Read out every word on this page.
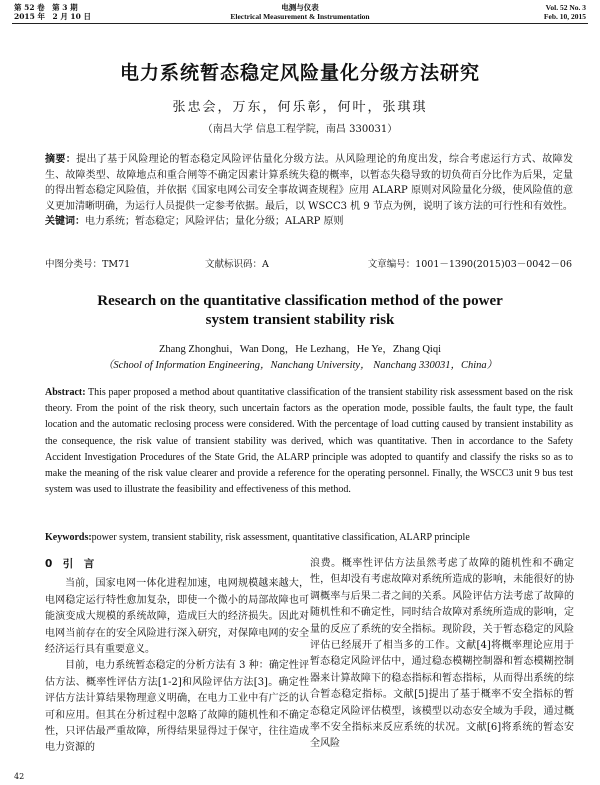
第 52 卷　第 3 期
2015 年　2 月 10 日
电测与仪表
Electrical Measurement & Instrumentation
Vol. 52 No. 3
Feb. 10, 2015
电力系统暂态稳定风险量化分级方法研究
张忠会，万东，何乐彰，何叶，张琪琪
（南昌大学 信息工程学院，南昌 330031）
摘要：提出了基于风险理论的暂态稳定风险评估量化分级方法。从风险理论的角度出发，综合考虑运行方式、故障发生、故障类型、故障地点和重合闸等不确定因素计算系统失稳的概率，以暂态失稳导致的切负荷百分比作为后果，定量的得出暂态稳定风险值，并依据《国家电网公司安全事故调查规程》应用 ALARP 原则对风险量化分级，使风险值的意义更加清晰明确，为运行人员提供一定参考依据。最后，以 WSCC3 机 9 节点为例，说明了该方法的可行性和有效性。
关键词：电力系统；暂态稳定；风险评估；量化分级；ALARP 原则
中图分类号：TM71	文献标识码：A	文章编号：1001－1390(2015)03－0042－06
Research on the quantitative classification method of the power
system transient stability risk
Zhang Zhonghui，Wan Dong，He Lezhang，He Ye，Zhang Qiqi
（School of Information Engineering，Nanchang University， Nanchang 330031，China）
Abstract: This paper proposed a method about quantitative classification of the transient stability risk assessment based on the risk theory. From the point of the risk theory, such uncertain factors as the operation mode, possible faults, the fault type, the fault location and the automatic reclosing process were considered. With the percentage of load cutting caused by transient instability as the consequence, the risk value of transient stability was derived, which was quantitative. Then in accordance to the Safety Accident Investigation Procedures of the State Grid, the ALARP principle was adopted to quantify and classify the risks so as to make the meaning of the risk value clearer and provide a reference for the operating personnel. Finally, the WSCC3 unit 9 bus test system was used to illustrate the feasibility and effectiveness of this method.
Keywords:power system, transient stability, risk assessment, quantitative classification, ALARP principle
0　引　言

当前，国家电网一体化进程加速，电网规模越来越大，电网稳定运行特性愈加复杂，即使一个微小的局部故障也可能演变成大规模的系统故障，造成巨大的经济损失。因此对电网当前存在的安全风险进行深入研究，对保障电网的安全经济运行具有重要意义。

目前，电力系统暂态稳定的分析方法有 3 种：确定性评估方法、概率性评估方法[1-2]和风险评估方法[3]。确定性评估方法计算结果物理意义明确，在电力工业中有广泛的认可和应用。但其在分析过程中忽略了故障的随机性和不确定性，只评估最严重故障，所得结果显得过于保守，往往造成电力资源的

浪费。概率性评估方法虽然考虑了故障的随机性和不确定性，但却没有考虑故障对系统所造成的影响，未能很好的协调概率与后果二者之间的关系。风险评估方法考虑了故障的随机性和不确定性，同时结合故障对系统所造成的影响，定量的反应了系统的安全指标。现阶段，关于暂态稳定的风险评估已经展开了相当多的工作。文献[4]将概率理论应用于暂态稳定风险评估中，通过稳态模糊控制器和暂态模糊控制器来计算故障下的稳态指标和暂态指标，从而得出系统的综合暂态稳定指标。文献[5]提出了基于概率不安全指标的暂态稳定风险评估模型，该模型以动态安全域为手段，通过概率不安全指标来反应系统的状况。文献[6]将系统的暂态安全风险

42
